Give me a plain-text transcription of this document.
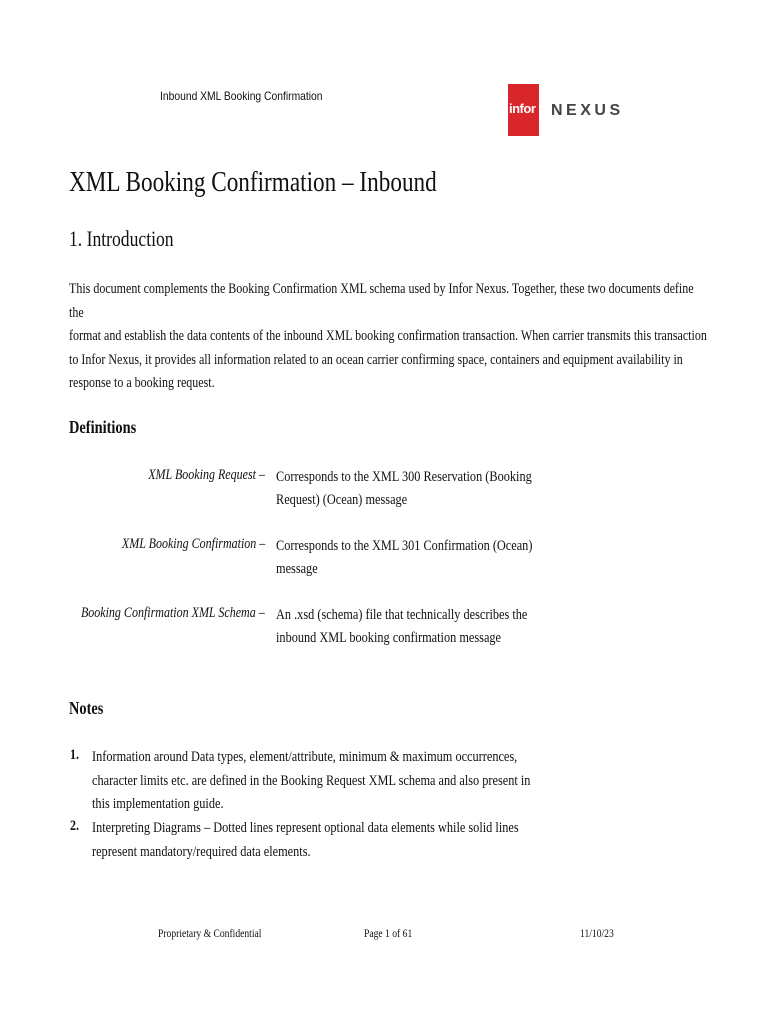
Inbound XML Booking Confirmation
infor NEXUS
XML Booking Confirmation – Inbound
1. Introduction

This document complements the Booking Confirmation XML schema used by Infor Nexus. Together, these two documents define the

format and establish the data contents of the inbound XML booking confirmation transaction. When carrier transmits this transaction

to Infor Nexus, it provides all information related to an ocean carrier confirming space, containers and equipment availability in

response to a booking request.

Definitions
XML Booking Request – Corresponds to the XML 300 Reservation (Booking
Request) (Ocean) message
XML Booking Confirmation – Corresponds to the XML 301 Confirmation (Ocean)
message
Booking Confirmation XML Schema – An .xsd (schema) file that technically describes the
inbound XML booking confirmation message
Notes
1. Information around Data types, element/attribute, minimum & maximum occurrences,
character limits etc. are defined in the Booking Request XML schema and also present in
this implementation guide.
2. Interpreting Diagrams – Dotted lines represent optional data elements while solid lines
represent mandatory/required data elements.
Proprietary & Confidential	Page 1 of 61	11/10/23
